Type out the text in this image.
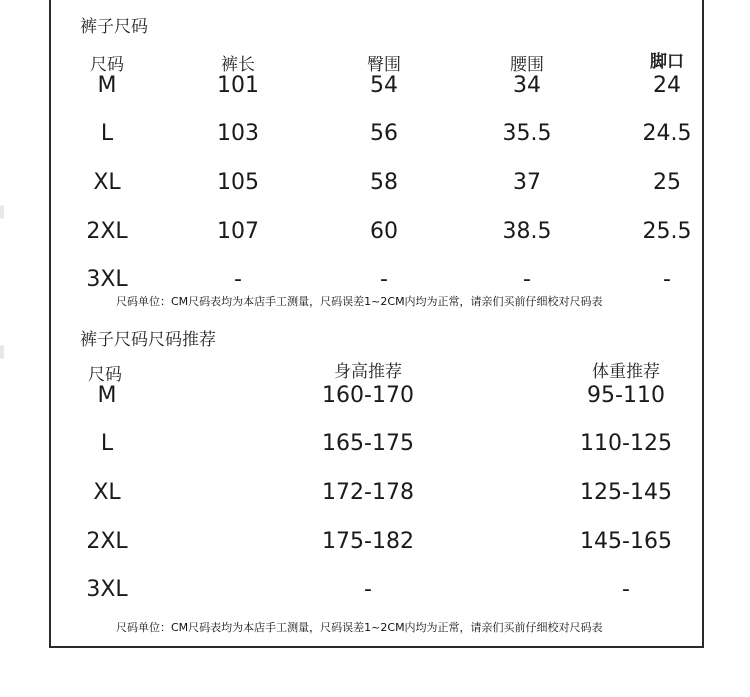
裤子尺码
尺码	裤长	臀围	腰围	脚口
M	101	54	34	24
L	103	56	35.5	24.5
XL	105	58	37	25
2XL	107	60	38.5	25.5
3XL	-	-	-	-
尺码单位：CM尺码表均为本店手工测量，尺码误差1~2CM内均为正常，请亲们买前仔细校对尺码表
裤子尺码尺码推荐
尺码	身高推荐	体重推荐
M	160-170	95-110
L	165-175	110-125
XL	172-178	125-145
2XL	175-182	145-165
3XL	-	-
尺码单位：CM尺码表均为本店手工测量，尺码误差1~2CM内均为正常，请亲们买前仔细校对尺码表
